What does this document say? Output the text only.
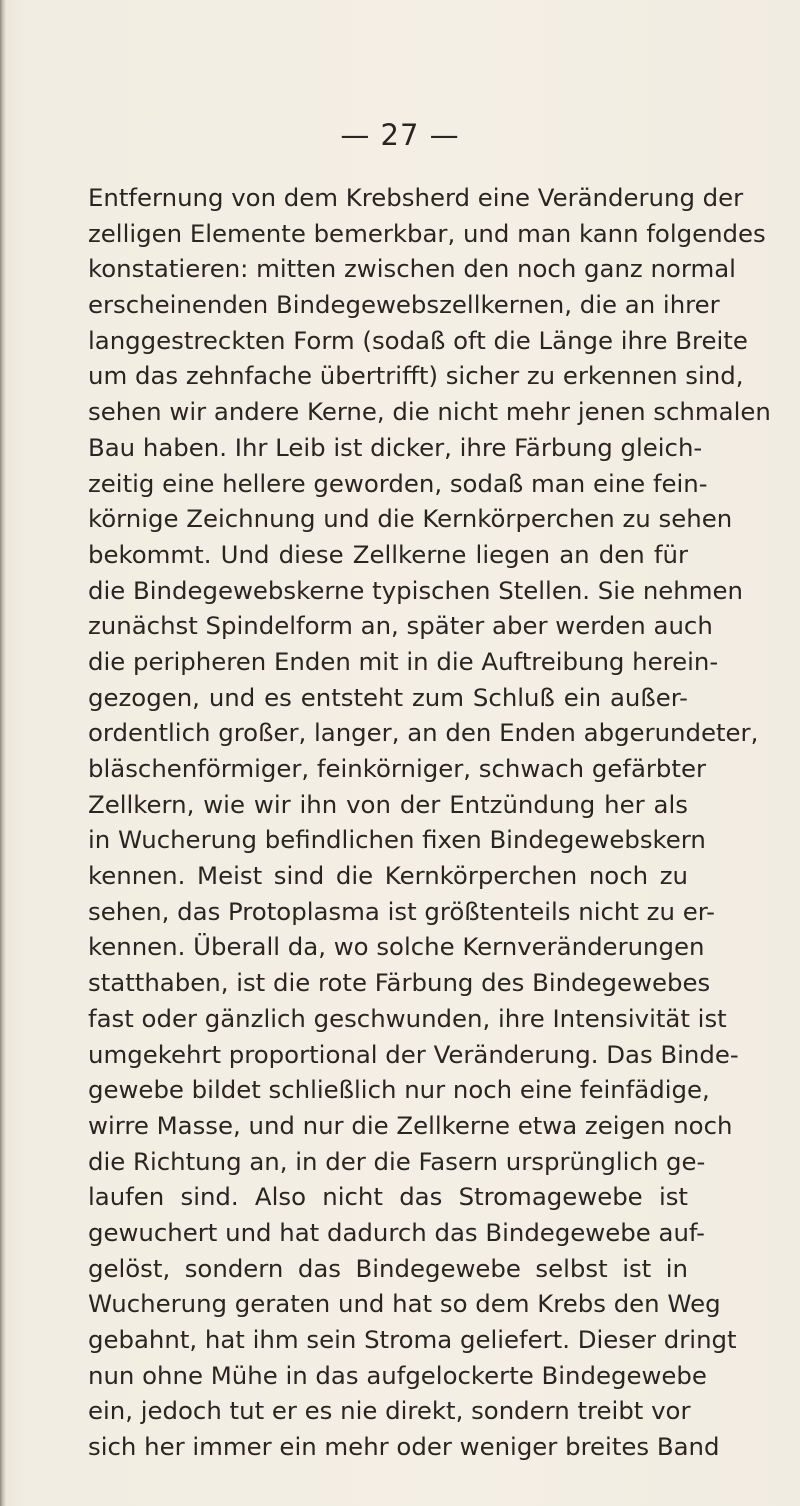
— 27 —
Entfernung von dem Krebsherd eine Veränderung der
zelligen Elemente bemerkbar, und man kann folgendes
konstatieren: mitten zwischen den noch ganz normal
erscheinenden Bindegewebszellkernen, die an ihrer
langgestreckten Form (sodaß oft die Länge ihre Breite
um das zehnfache übertrifft) sicher zu erkennen sind,
sehen wir andere Kerne, die nicht mehr jenen schmalen
Bau haben. Ihr Leib ist dicker, ihre Färbung gleich-
zeitig eine hellere geworden, sodaß man eine fein-
körnige Zeichnung und die Kernkörperchen zu sehen
bekommt. Und diese Zellkerne liegen an den für
die Bindegewebskerne typischen Stellen. Sie nehmen
zunächst Spindelform an, später aber werden auch
die peripheren Enden mit in die Auftreibung herein-
gezogen, und es entsteht zum Schluß ein außer-
ordentlich großer, langer, an den Enden abgerundeter,
bläschenförmiger, feinkörniger, schwach gefärbter
Zellkern, wie wir ihn von der Entzündung her als
in Wucherung befindlichen fixen Bindegewebskern
kennen. Meist sind die Kernkörperchen noch zu
sehen, das Protoplasma ist größtenteils nicht zu er-
kennen. Überall da, wo solche Kernveränderungen
statthaben, ist die rote Färbung des Bindegewebes
fast oder gänzlich geschwunden, ihre Intensivität ist
umgekehrt proportional der Veränderung. Das Binde-
gewebe bildet schließlich nur noch eine feinfädige,
wirre Masse, und nur die Zellkerne etwa zeigen noch
die Richtung an, in der die Fasern ursprünglich ge-
laufen sind. Also nicht das Stromagewebe ist
gewuchert und hat dadurch das Bindegewebe auf-
gelöst, sondern das Bindegewebe selbst ist in
Wucherung geraten und hat so dem Krebs den Weg
gebahnt, hat ihm sein Stroma geliefert. Dieser dringt
nun ohne Mühe in das aufgelockerte Bindegewebe
ein, jedoch tut er es nie direkt, sondern treibt vor
sich her immer ein mehr oder weniger breites Band
